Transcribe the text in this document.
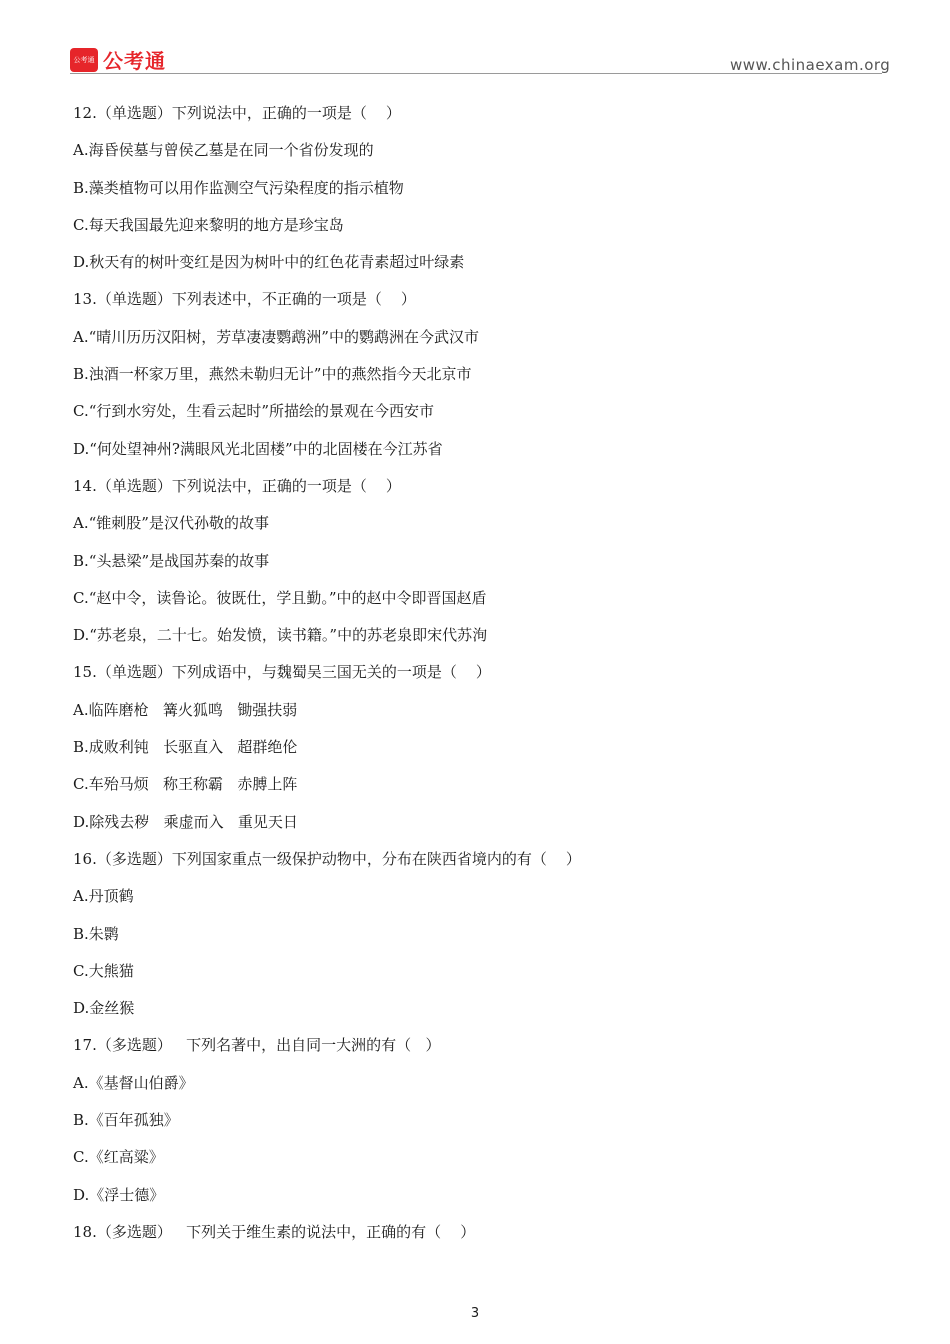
公考通 公考通	www.chinaexam.org
12.（单选题）下列说法中，正确的一项是（    ）
A.海昏侯墓与曾侯乙墓是在同一个省份发现的
B.藻类植物可以用作监测空气污染程度的指示植物
C.每天我国最先迎来黎明的地方是珍宝岛
D.秋天有的树叶变红是因为树叶中的红色花青素超过叶绿素
13.（单选题）下列表述中，不正确的一项是（    ）
A.“晴川历历汉阳树，芳草凄凄鹦鹉洲”中的鹦鹉洲在今武汉市
B.浊酒一杯家万里，燕然未勒归无计”中的燕然指今天北京市
C.“行到水穷处，生看云起时”所描绘的景观在今西安市
D.“何处望神州?满眼风光北固楼”中的北固楼在今江苏省
14.（单选题）下列说法中，正确的一项是（    ）
A.“锥刺股”是汉代孙敬的故事
B.“头悬梁”是战国苏秦的故事
C.“赵中令，读鲁论。彼既仕，学且勤。”中的赵中令即晋国赵盾
D.“苏老泉，二十七。始发愤，读书籍。”中的苏老泉即宋代苏洵
15.（单选题）下列成语中，与魏蜀吴三国无关的一项是（    ）
A.临阵磨枪   篝火狐鸣   锄强扶弱
B.成败利钝   长驱直入   超群绝伦
C.车殆马烦   称王称霸   赤膊上阵
D.除残去秽   乘虚而入   重见天日
16.（多选题）下列国家重点一级保护动物中，分布在陕西省境内的有（    ）
A.丹顶鹤
B.朱鹮
C.大熊猫
D.金丝猴
17.（多选题）   下列名著中，出自同一大洲的有（   ）
A.《基督山伯爵》
B.《百年孤独》
C.《红高粱》
D.《浮士德》
18.（多选题）   下列关于维生素的说法中，正确的有（    ）
3
